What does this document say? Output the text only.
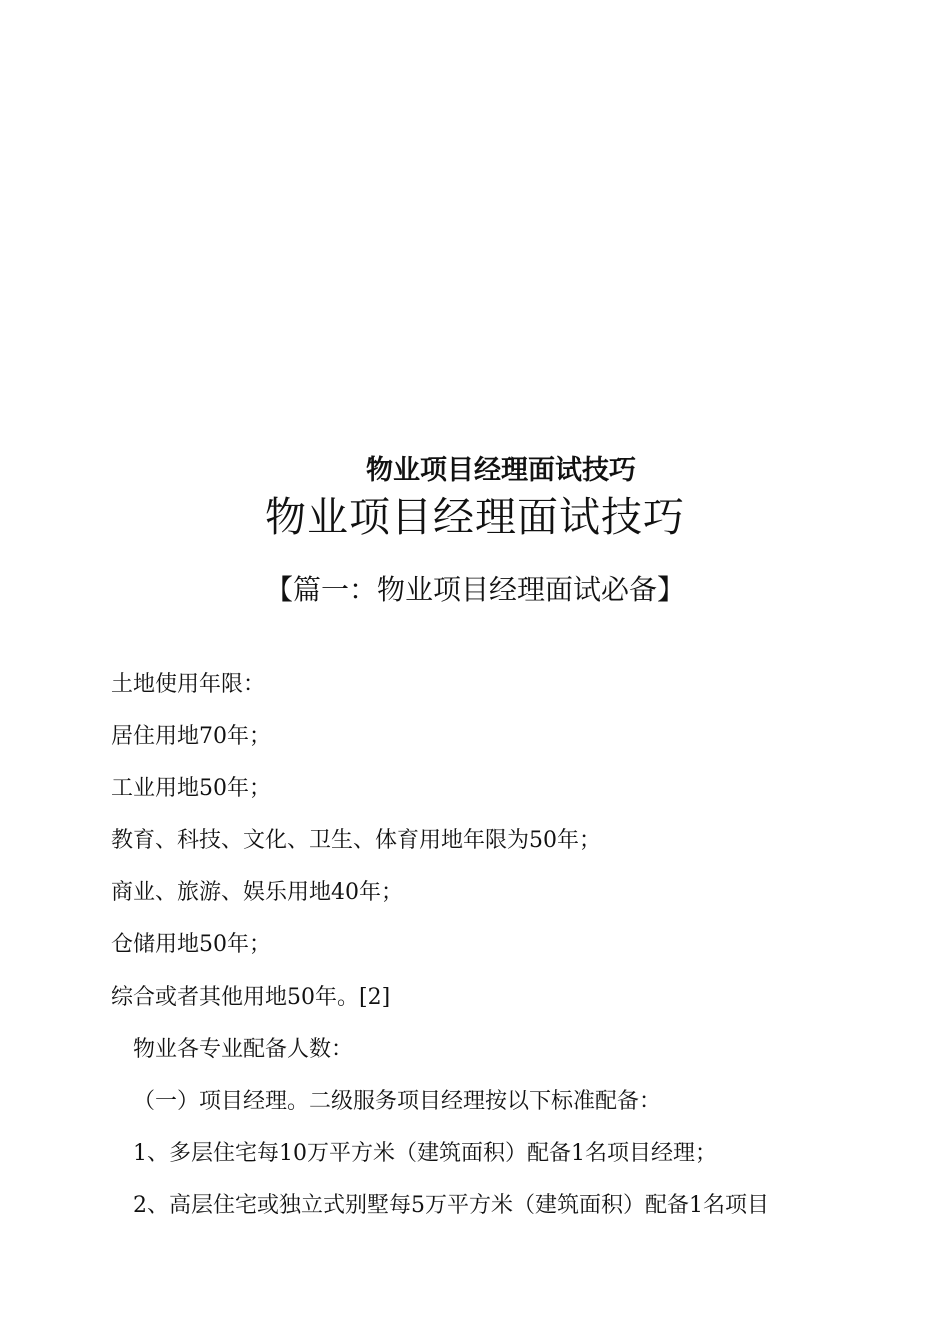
物业项目经理面试技巧
物业项目经理面试技巧
【篇一：物业项目经理面试必备】
土地使用年限：
居住用地70年；
工业用地50年；
教育、科技、文化、卫生、体育用地年限为50年；
商业、旅游、娱乐用地40年；
仓储用地50年；
综合或者其他用地50年。[2]
物业各专业配备人数：
（一）项目经理。二级服务项目经理按以下标准配备：
1、多层住宅每10万平方米（建筑面积）配备1名项目经理；
2、高层住宅或独立式别墅每5万平方米（建筑面积）配备1名项目
